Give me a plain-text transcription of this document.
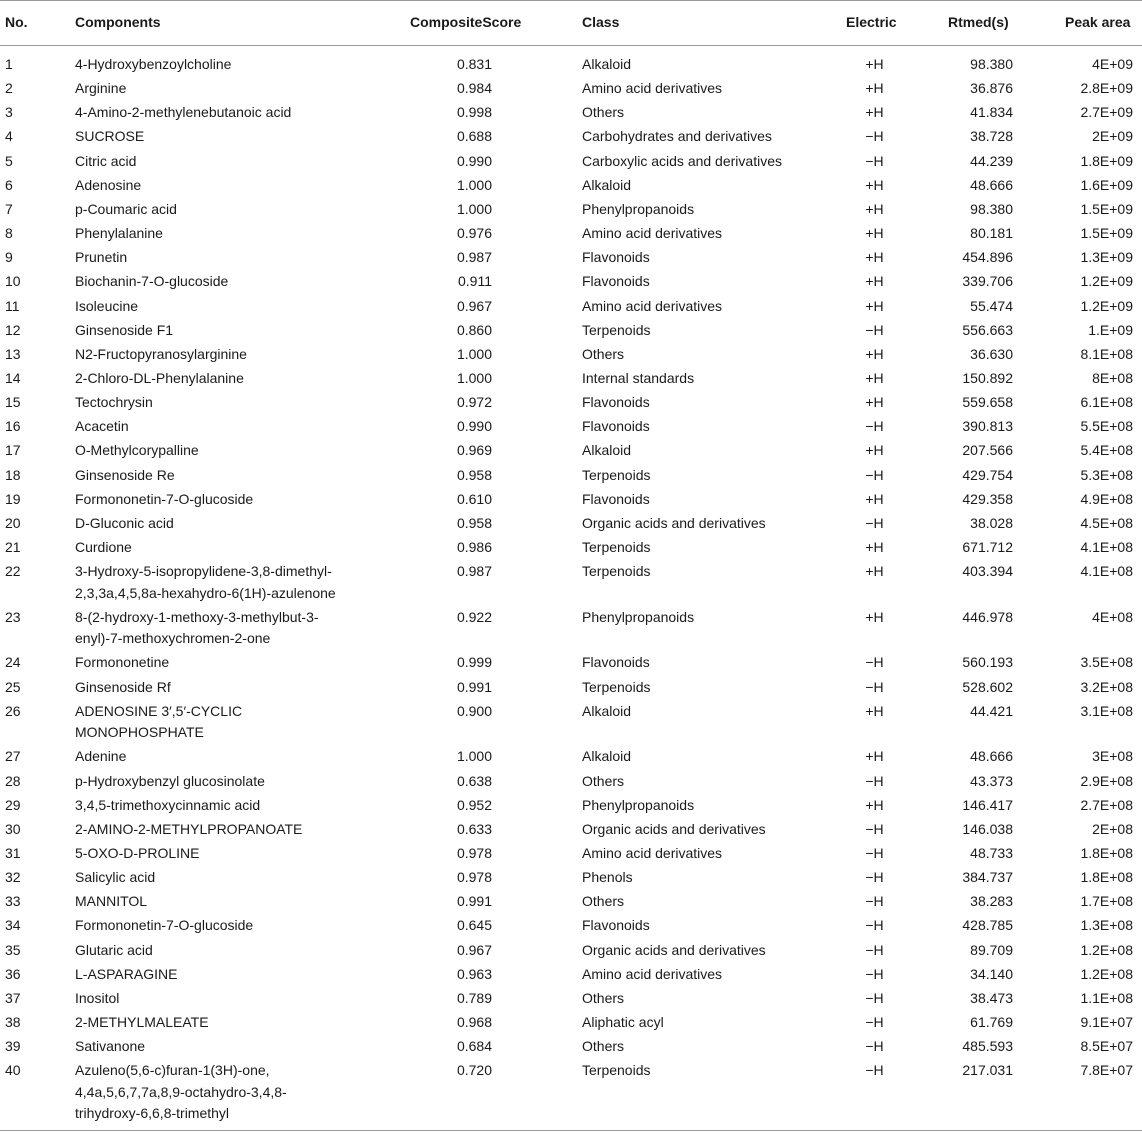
No.	Components	CompositeScore	Class	Electric	Rtmed(s)	Peak area
1	4-Hydroxybenzoylcholine	0.831	Alkaloid	+H	98.380	4E+09
2	Arginine	0.984	Amino acid derivatives	+H	36.876	2.8E+09
3	4-Amino-2-methylenebutanoic acid	0.998	Others	+H	41.834	2.7E+09
4	SUCROSE	0.688	Carbohydrates and derivatives	−H	38.728	2E+09
5	Citric acid	0.990	Carboxylic acids and derivatives	−H	44.239	1.8E+09
6	Adenosine	1.000	Alkaloid	+H	48.666	1.6E+09
7	p-Coumaric acid	1.000	Phenylpropanoids	+H	98.380	1.5E+09
8	Phenylalanine	0.976	Amino acid derivatives	+H	80.181	1.5E+09
9	Prunetin	0.987	Flavonoids	+H	454.896	1.3E+09
10	Biochanin-7-O-glucoside	0.911	Flavonoids	+H	339.706	1.2E+09
11	Isoleucine	0.967	Amino acid derivatives	+H	55.474	1.2E+09
12	Ginsenoside F1	0.860	Terpenoids	−H	556.663	1.E+09
13	N2-Fructopyranosylarginine	1.000	Others	+H	36.630	8.1E+08
14	2-Chloro-DL-Phenylalanine	1.000	Internal standards	+H	150.892	8E+08
15	Tectochrysin	0.972	Flavonoids	+H	559.658	6.1E+08
16	Acacetin	0.990	Flavonoids	−H	390.813	5.5E+08
17	O-Methylcorypalline	0.969	Alkaloid	+H	207.566	5.4E+08
18	Ginsenoside Re	0.958	Terpenoids	−H	429.754	5.3E+08
19	Formononetin-7-O-glucoside	0.610	Flavonoids	+H	429.358	4.9E+08
20	D-Gluconic acid	0.958	Organic acids and derivatives	−H	38.028	4.5E+08
21	Curdione	0.986	Terpenoids	+H	671.712	4.1E+08
22	3-Hydroxy-5-isopropylidene-3,8-dimethyl-
2,3,3a,4,5,8a-hexahydro-6(1H)-azulenone
0.987	Terpenoids	+H	403.394	4.1E+08
23	8-(2-hydroxy-1-methoxy-3-methylbut-3-
enyl)-7-methoxychromen-2-one
0.922	Phenylpropanoids	+H	446.978	4E+08
24	Formononetine	0.999	Flavonoids	−H	560.193	3.5E+08
25	Ginsenoside Rf	0.991	Terpenoids	−H	528.602	3.2E+08
26	ADENOSINE 3′,5′-CYCLIC
MONOPHOSPHATE
0.900	Alkaloid	+H	44.421	3.1E+08
27	Adenine	1.000	Alkaloid	+H	48.666	3E+08
28	p-Hydroxybenzyl glucosinolate	0.638	Others	−H	43.373	2.9E+08
29	3,4,5-trimethoxycinnamic acid	0.952	Phenylpropanoids	+H	146.417	2.7E+08
30	2-AMINO-2-METHYLPROPANOATE	0.633	Organic acids and derivatives	−H	146.038	2E+08
31	5-OXO-D-PROLINE	0.978	Amino acid derivatives	−H	48.733	1.8E+08
32	Salicylic acid	0.978	Phenols	−H	384.737	1.8E+08
33	MANNITOL	0.991	Others	−H	38.283	1.7E+08
34	Formononetin-7-O-glucoside	0.645	Flavonoids	−H	428.785	1.3E+08
35	Glutaric acid	0.967	Organic acids and derivatives	−H	89.709	1.2E+08
36	L-ASPARAGINE	0.963	Amino acid derivatives	−H	34.140	1.2E+08
37	Inositol	0.789	Others	−H	38.473	1.1E+08
38	2-METHYLMALEATE	0.968	Aliphatic acyl	−H	61.769	9.1E+07
39	Sativanone	0.684	Others	−H	485.593	8.5E+07
40	Azuleno(5,6-c)furan-1(3H)-one,
4,4a,5,6,7,7a,8,9-octahydro-3,4,8-
trihydroxy-6,6,8-trimethyl
0.720	Terpenoids	−H	217.031	7.8E+07
